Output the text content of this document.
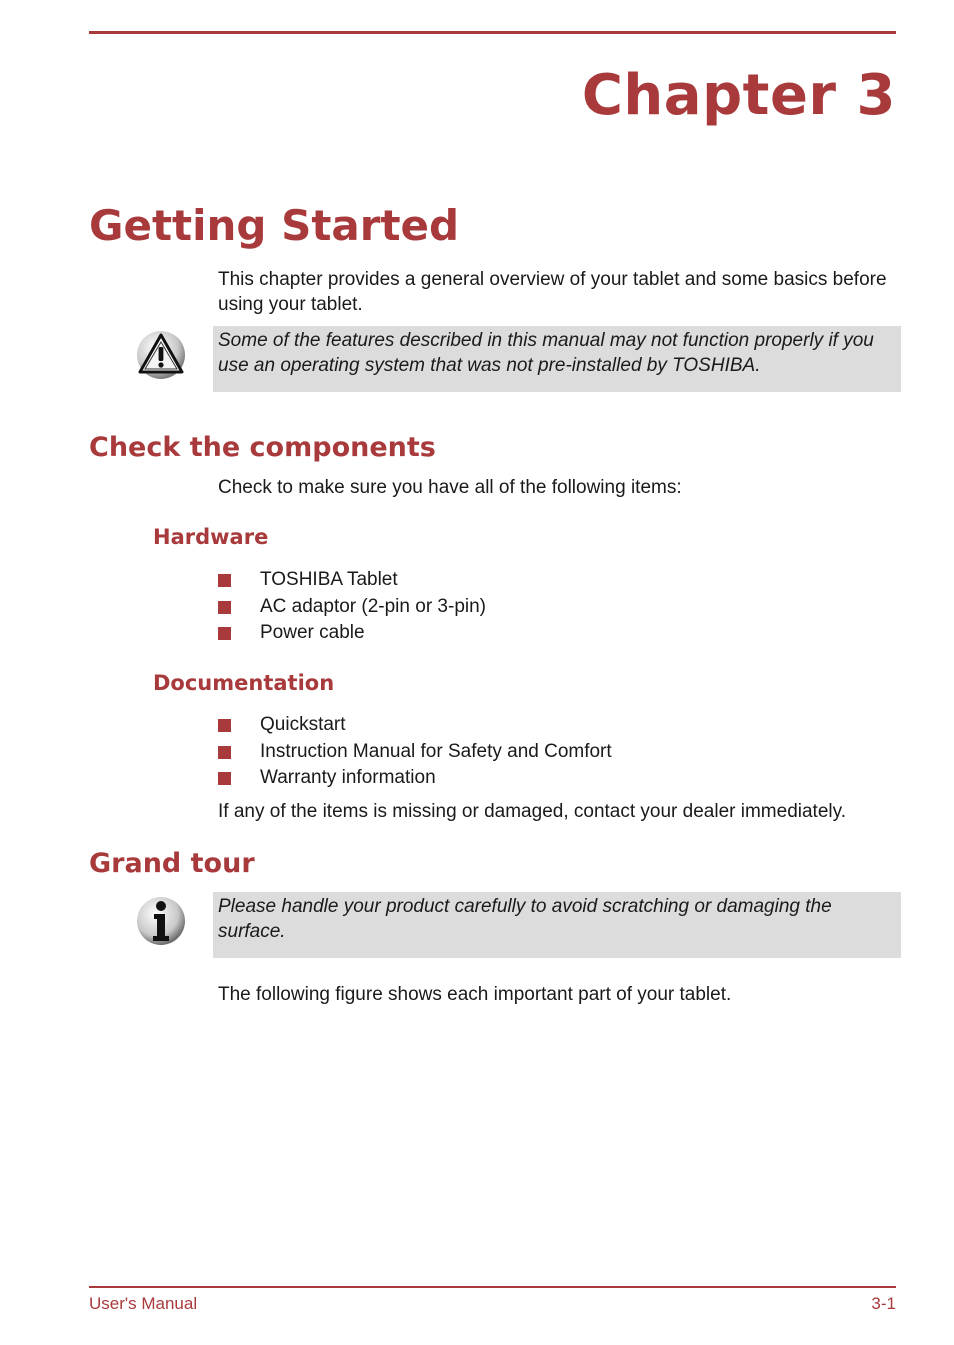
Chapter 3
Getting Started

This chapter provides a general overview of your tablet and some basics before using your tablet.

Some of the features described in this manual may not function properly if you use an operating system that was not pre-installed by TOSHIBA.
Check the components

Check to make sure you have all of the following items:

Hardware
TOSHIBA Tablet
AC adaptor (2-pin or 3-pin)
Power cable
Documentation
Quickstart
Instruction Manual for Safety and Comfort
Warranty information

If any of the items is missing or damaged, contact your dealer immediately.

Grand tour
Please handle your product carefully to avoid scratching or damaging the surface.

The following figure shows each important part of your tablet.

User's Manual	3-1
